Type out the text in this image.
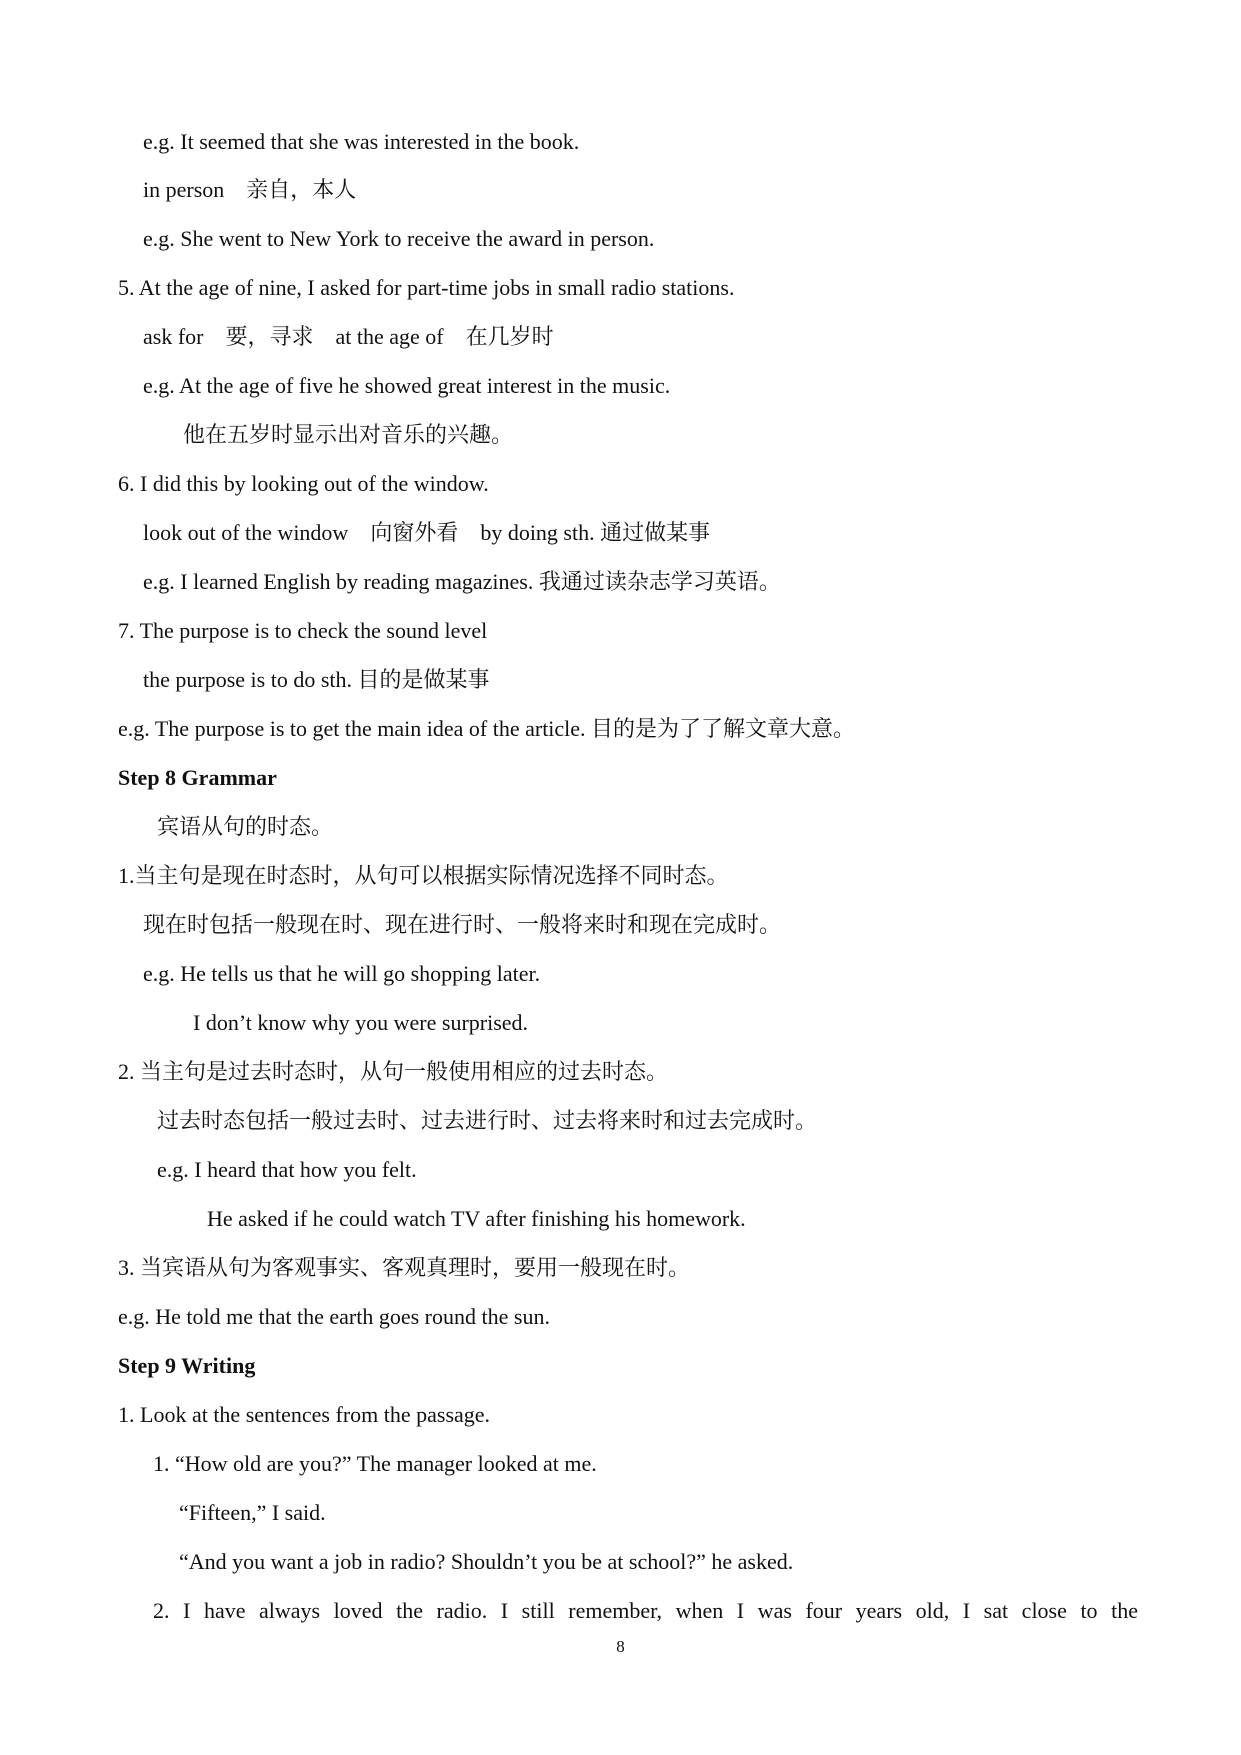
e.g. It seemed that she was interested in the book.
in person　亲自，本人
e.g. She went to New York to receive the award in person.
5. At the age of nine, I asked for part-time jobs in small radio stations.
ask for　要，寻求　at the age of　在几岁时
e.g. At the age of five he showed great interest in the music.
他在五岁时显示出对音乐的兴趣。
6. I did this by looking out of the window.
look out of the window　向窗外看　by doing sth. 通过做某事
e.g. I learned English by reading magazines. 我通过读杂志学习英语。
7. The purpose is to check the sound level
the purpose is to do sth. 目的是做某事
e.g. The purpose is to get the main idea of the article. 目的是为了了解文章大意。
Step 8 Grammar
宾语从句的时态。
1.当主句是现在时态时，从句可以根据实际情况选择不同时态。
现在时包括一般现在时、现在进行时、一般将来时和现在完成时。
e.g. He tells us that he will go shopping later.
I don’t know why you were surprised.
2. 当主句是过去时态时，从句一般使用相应的过去时态。
过去时态包括一般过去时、过去进行时、过去将来时和过去完成时。
e.g. I heard that how you felt.
He asked if he could watch TV after finishing his homework.
3. 当宾语从句为客观事实、客观真理时，要用一般现在时。
e.g. He told me that the earth goes round the sun.
Step 9 Writing
1. Look at the sentences from the passage.
1. “How old are you?” The manager looked at me.
“Fifteen,” I said.
“And you want a job in radio? Shouldn’t you be at school?” he asked.
2. I have always loved the radio. I still remember, when I was four years old, I sat close to the
8
